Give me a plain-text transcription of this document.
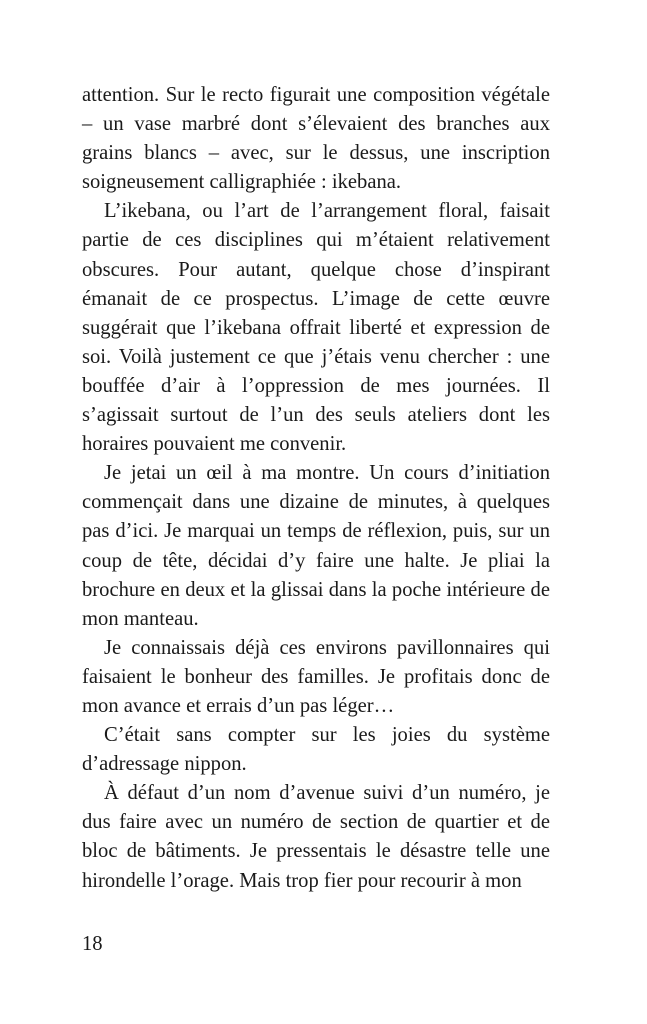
attention. Sur le recto figurait une composition végétale – un vase marbré dont s’élevaient des branches aux grains blancs – avec, sur le dessus, une inscription soigneusement calligraphiée : ikebana.

L’ikebana, ou l’art de l’arrangement floral, faisait partie de ces disciplines qui m’étaient relativement obscures. Pour autant, quelque chose d’inspirant émanait de ce prospectus. L’image de cette œuvre suggérait que l’ikebana offrait liberté et expression de soi. Voilà justement ce que j’étais venu chercher : une bouffée d’air à l’oppression de mes journées. Il s’agissait surtout de l’un des seuls ateliers dont les horaires pouvaient me convenir.

Je jetai un œil à ma montre. Un cours d’initiation commençait dans une dizaine de minutes, à quelques pas d’ici. Je marquai un temps de réflexion, puis, sur un coup de tête, décidai d’y faire une halte. Je pliai la brochure en deux et la glissai dans la poche intérieure de mon manteau.

Je connaissais déjà ces environs pavillonnaires qui faisaient le bonheur des familles. Je profitais donc de mon avance et errais d’un pas léger…

C’était sans compter sur les joies du système d’adressage nippon.

À défaut d’un nom d’avenue suivi d’un numéro, je dus faire avec un numéro de section de quartier et de bloc de bâtiments. Je pressentais le désastre telle une hirondelle l’orage. Mais trop fier pour recourir à mon

18
